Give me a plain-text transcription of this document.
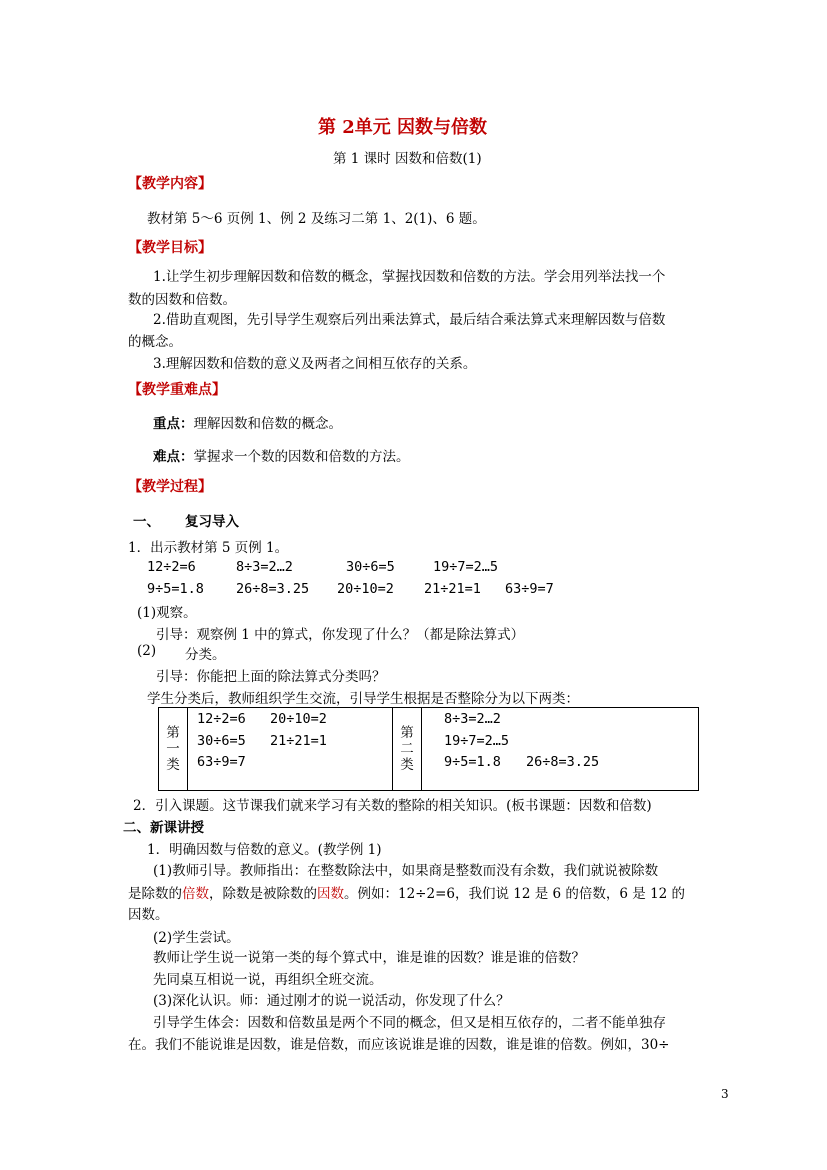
第 2单元 因数与倍数
第 1 课时 因数和倍数(1)
【教学内容】
教材第 5～6 页例 1、例 2 及练习二第 1、2(1)、6 题。
【教学目标】
1.让学生初步理解因数和倍数的概念，掌握找因数和倍数的方法。学会用列举法找一个
数的因数和倍数。
2.借助直观图，先引导学生观察后列出乘法算式，最后结合乘法算式来理解因数与倍数
的概念。
3.理解因数和倍数的意义及两者之间相互依存的关系。
【教学重难点】
重点：理解因数和倍数的概念。
难点：掌握求一个数的因数和倍数的方法。
【教学过程】
一、 复习导入
1．出示教材第 5 页例 1。
12÷2=6	8÷3=2…2	30÷6=5	19÷7=2…5
9÷5=1.8 26÷8=3.25 20÷10=2 21÷21=1 63÷9=7
(1)观察。
引导：观察例 1 中的算式，你发现了什么？（都是除法算式）
(2) 分类。
引导：你能把上面的除法算式分类吗？
学生分类后，教师组织学生交流，引导学生根据是否整除分为以下两类：
第
一
类

12÷2=6 20÷10=2
30÷6=5 21÷21=1
63÷9=7

第
二
类

8÷3=2…2
19÷7=2…5
9÷5=1.8 26÷8=3.25
2．引入课题。这节课我们就来学习有关数的整除的相关知识。(板书课题：因数和倍数)
二、新课讲授
1．明确因数与倍数的意义。(教学例 1)
(1)教师引导。教师指出：在整数除法中，如果商是整数而没有余数，我们就说被除数
是除数的倍数，除数是被除数的因数。例如：12÷2=6，我们说 12 是 6 的倍数，6 是 12 的
因数。
(2)学生尝试。
教师让学生说一说第一类的每个算式中，谁是谁的因数？谁是谁的倍数？
先同桌互相说一说，再组织全班交流。
(3)深化认识。师：通过刚才的说一说活动，你发现了什么？
引导学生体会：因数和倍数虽是两个不同的概念，但又是相互依存的，二者不能单独存
在。我们不能说谁是因数，谁是倍数，而应该说谁是谁的因数，谁是谁的倍数。例如，30÷
3
